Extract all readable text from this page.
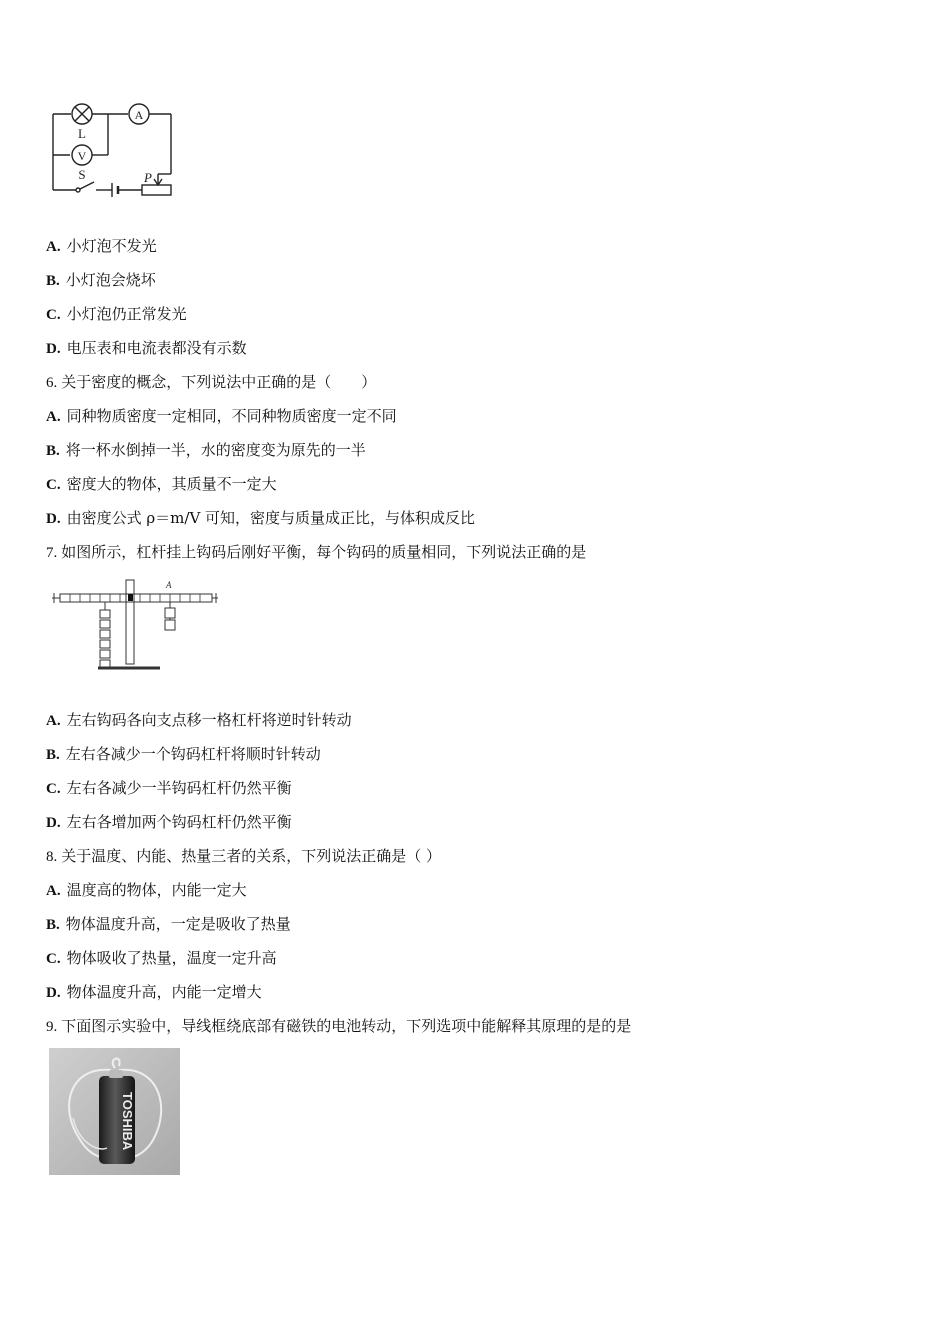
L
V
A
S	P
A. 小灯泡不发光
B. 小灯泡会烧坏
C. 小灯泡仍正常发光
D. 电压表和电流表都没有示数
6. 关于密度的概念，下列说法中正确的是（　　）
A. 同种物质密度一定相同，不同种物质密度一定不同
B. 将一杯水倒掉一半，水的密度变为原先的一半
C. 密度大的物体，其质量不一定大
D. 由密度公式 ρ＝m/V 可知，密度与质量成正比，与体积成反比
7. 如图所示，杠杆挂上钩码后刚好平衡，每个钩码的质量相同，下列说法正确的是
A
A. 左右钩码各向支点移一格杠杆将逆时针转动
B. 左右各减少一个钩码杠杆将顺时针转动
C. 左右各减少一半钩码杠杆仍然平衡
D. 左右各增加两个钩码杠杆仍然平衡
8. 关于温度、内能、热量三者的关系，下列说法正确是（ ）
A. 温度高的物体，内能一定大
B. 物体温度升高，一定是吸收了热量
C. 物体吸收了热量，温度一定升高
D. 物体温度升高，内能一定增大
9. 下面图示实验中，导线框绕底部有磁铁的电池转动，下列选项中能解释其原理的是的是
TOSHIBA
